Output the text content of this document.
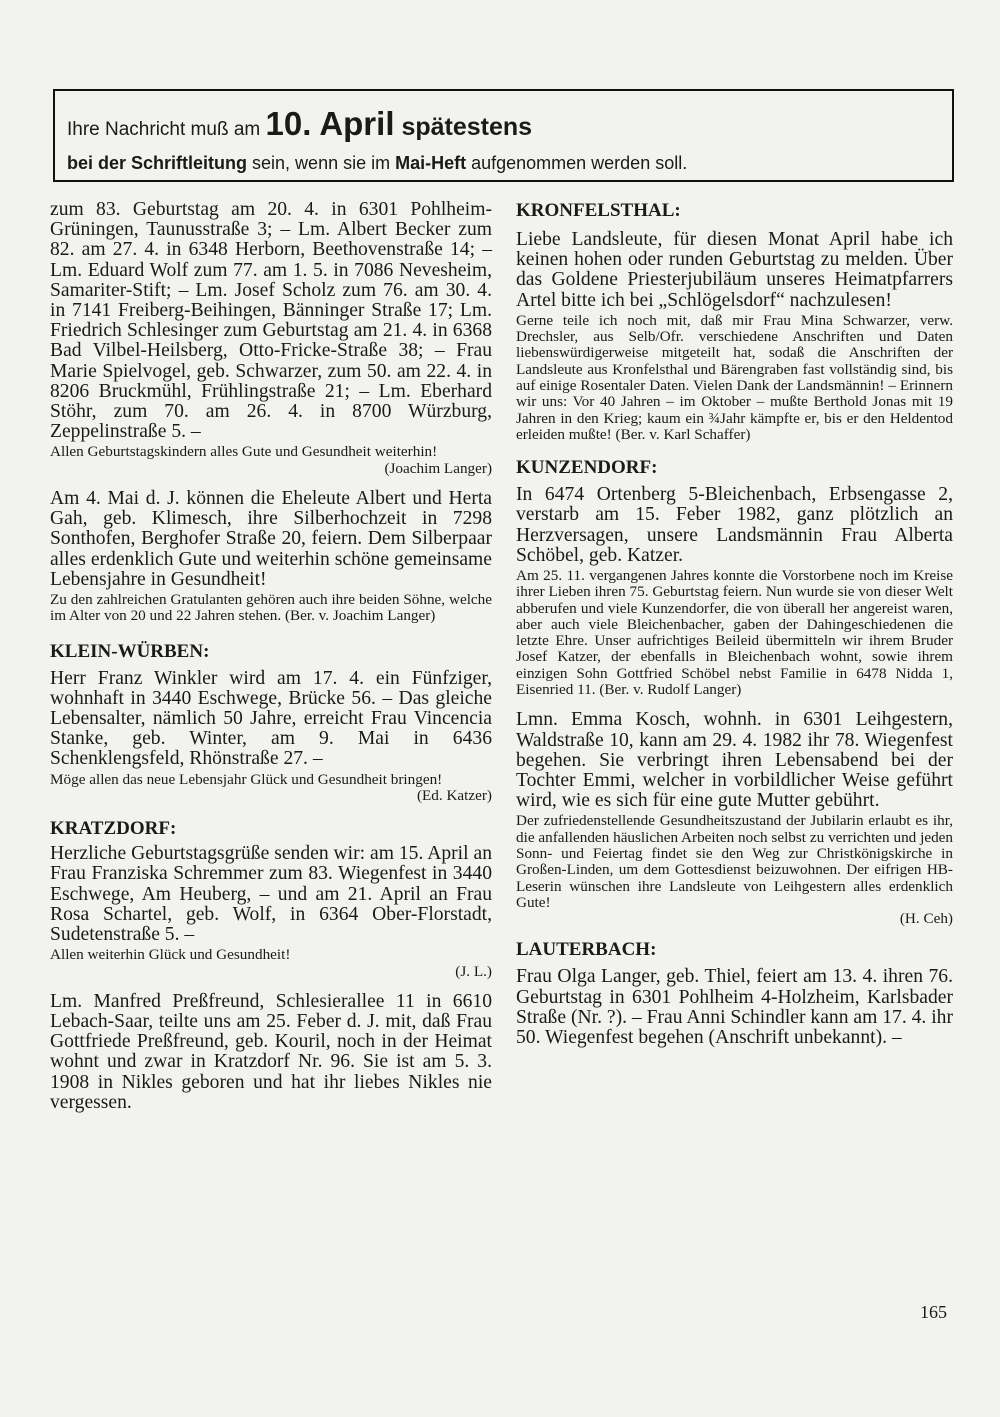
Ihre Nachricht muß am 10. April spätestens
bei der Schriftleitung sein, wenn sie im Mai-Heft aufgenommen werden soll.

zum 83. Geburtstag am 20. 4. in 6301 Pohlheim-Grüningen, Taunusstraße 3; – Lm. Albert Becker zum 82. am 27. 4. in 6348 Herborn, Beethovenstraße 14; – Lm. Eduard Wolf zum 77. am 1. 5. in 7086 Nevesheim, Samariter-Stift; – Lm. Josef Scholz zum 76. am 30. 4. in 7141 Freiberg-Beihingen, Bänninger Straße 17; Lm. Friedrich Schlesinger zum Geburtstag am 21. 4. in 6368 Bad Vilbel-Heilsberg, Otto-Fricke-Straße 38; – Frau Marie Spielvogel, geb. Schwarzer, zum 50. am 22. 4. in 8206 Bruckmühl, Frühlingstraße 21; – Lm. Eberhard Stöhr, zum 70. am 26. 4. in 8700 Würzburg, Zeppelinstraße 5. –

Allen Geburtstagskindern alles Gute und Gesundheit weiterhin!

(Joachim Langer)

Am 4. Mai d. J. können die Eheleute Albert und Herta Gah, geb. Klimesch, ihre Silberhochzeit in 7298 Sonthofen, Berghofer Straße 20, feiern. Dem Silberpaar alles erdenklich Gute und weiterhin schöne gemeinsame Lebensjahre in Gesundheit!

Zu den zahlreichen Gratulanten gehören auch ihre beiden Söhne, welche im Alter von 20 und 22 Jahren stehen. (Ber. v. Joachim Langer)

KLEIN-WÜRBEN:

Herr Franz Winkler wird am 17. 4. ein Fünfziger, wohnhaft in 3440 Eschwege, Brücke 56. – Das gleiche Lebensalter, nämlich 50 Jahre, erreicht Frau Vincencia Stanke, geb. Winter, am 9. Mai in 6436 Schenklengsfeld, Rhönstraße 27. –

Möge allen das neue Lebensjahr Glück und Gesundheit bringen!

(Ed. Katzer)

KRATZDORF:

Herzliche Geburtstagsgrüße senden wir: am 15. April an Frau Franziska Schremmer zum 83. Wiegenfest in 3440 Eschwege, Am Heuberg, – und am 21. April an Frau Rosa Schartel, geb. Wolf, in 6364 Ober-Florstadt, Sudetenstraße 5. –

Allen weiterhin Glück und Gesundheit!

(J. L.)

Lm. Manfred Preßfreund, Schlesierallee 11 in 6610 Lebach-Saar, teilte uns am 25. Feber d. J. mit, daß Frau Gottfriede Preßfreund, geb. Kouril, noch in der Heimat wohnt und zwar in Kratzdorf Nr. 96. Sie ist am 5. 3. 1908 in Nikles geboren und hat ihr liebes Nikles nie vergessen.

KRONFELSTHAL:

Liebe Landsleute, für diesen Monat April habe ich keinen hohen oder runden Geburtstag zu melden. Über das Goldene Priesterjubiläum unseres Heimatpfarrers Artel bitte ich bei „Schlögelsdorf“ nachzulesen!

Gerne teile ich noch mit, daß mir Frau Mina Schwarzer, verw. Drechsler, aus Selb/Ofr. verschiedene Anschriften und Daten liebenswürdigerweise mitgeteilt hat, sodaß die Anschriften der Landsleute aus Kronfelsthal und Bärengraben fast vollständig sind, bis auf einige Rosentaler Daten. Vielen Dank der Landsmännin! – Erinnern wir uns: Vor 40 Jahren – im Oktober – mußte Berthold Jonas mit 19 Jahren in den Krieg; kaum ein ¾Jahr kämpfte er, bis er den Heldentod erleiden mußte! (Ber. v. Karl Schaffer)

KUNZENDORF:

In 6474 Ortenberg 5-Bleichenbach, Erbsengasse 2, verstarb am 15. Feber 1982, ganz plötzlich an Herzversagen, unsere Landsmännin Frau Alberta Schöbel, geb. Katzer.

Am 25. 11. vergangenen Jahres konnte die Vorstorbene noch im Kreise ihrer Lieben ihren 75. Geburtstag feiern. Nun wurde sie von dieser Welt abberufen und viele Kunzendorfer, die von überall her angereist waren, aber auch viele Bleichenbacher, gaben der Dahingeschiedenen die letzte Ehre. Unser aufrichtiges Beileid übermitteln wir ihrem Bruder Josef Katzer, der ebenfalls in Bleichenbach wohnt, sowie ihrem einzigen Sohn Gottfried Schöbel nebst Familie in 6478 Nidda 1, Eisenried 11. (Ber. v. Rudolf Langer)

Lmn. Emma Kosch, wohnh. in 6301 Leihgestern, Waldstraße 10, kann am 29. 4. 1982 ihr 78. Wiegenfest begehen. Sie verbringt ihren Lebensabend bei der Tochter Emmi, welcher in vorbildlicher Weise geführt wird, wie es sich für eine gute Mutter gebührt.

Der zufriedenstellende Gesundheitszustand der Jubilarin erlaubt es ihr, die anfallenden häuslichen Arbeiten noch selbst zu verrichten und jeden Sonn- und Feiertag findet sie den Weg zur Christkönigskirche in Großen-Linden, um dem Gottesdienst beizuwohnen. Der eifrigen HB-Leserin wünschen ihre Landsleute von Leihgestern alles erdenklich Gute!

(H. Ceh)

LAUTERBACH:

Frau Olga Langer, geb. Thiel, feiert am 13. 4. ihren 76. Geburtstag in 6301 Pohlheim 4-Holzheim, Karlsbader Straße (Nr. ?). – Frau Anni Schindler kann am 17. 4. ihr 50. Wiegenfest begehen (Anschrift unbekannt). –

165
